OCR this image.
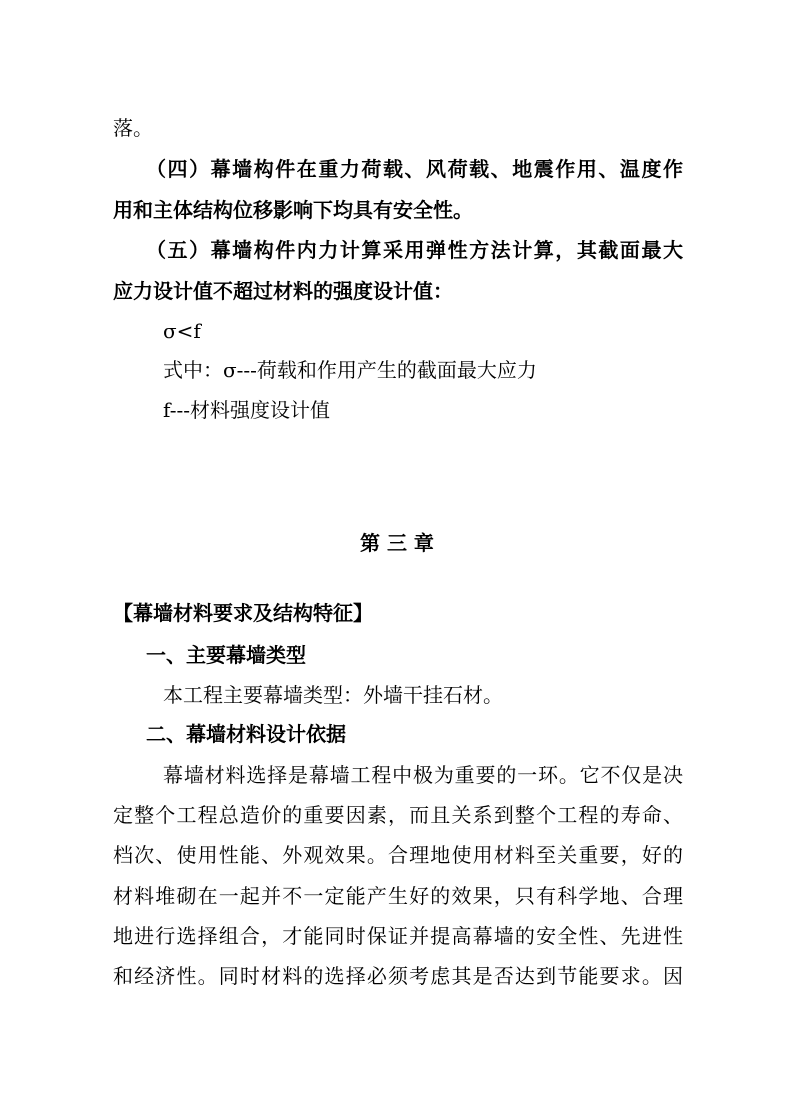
落。
（四）幕墙构件在重力荷载、风荷载、地震作用、温度作
用和主体结构位移影响下均具有安全性。
（五）幕墙构件内力计算采用弹性方法计算，其截面最大
应力设计值不超过材料的强度设计值：
σ<f
式中：σ---荷载和作用产生的截面最大应力
f---材料强度设计值
第 三 章
【幕墙材料要求及结构特征】
一、主要幕墙类型
本工程主要幕墙类型：外墙干挂石材。
二、幕墙材料设计依据
幕墙材料选择是幕墙工程中极为重要的一环。它不仅是决
定整个工程总造价的重要因素，而且关系到整个工程的寿命、
档次、使用性能、外观效果。合理地使用材料至关重要，好的
材料堆砌在一起并不一定能产生好的效果，只有科学地、合理
地进行选择组合，才能同时保证并提高幕墙的安全性、先进性
和经济性。同时材料的选择必须考虑其是否达到节能要求。因
